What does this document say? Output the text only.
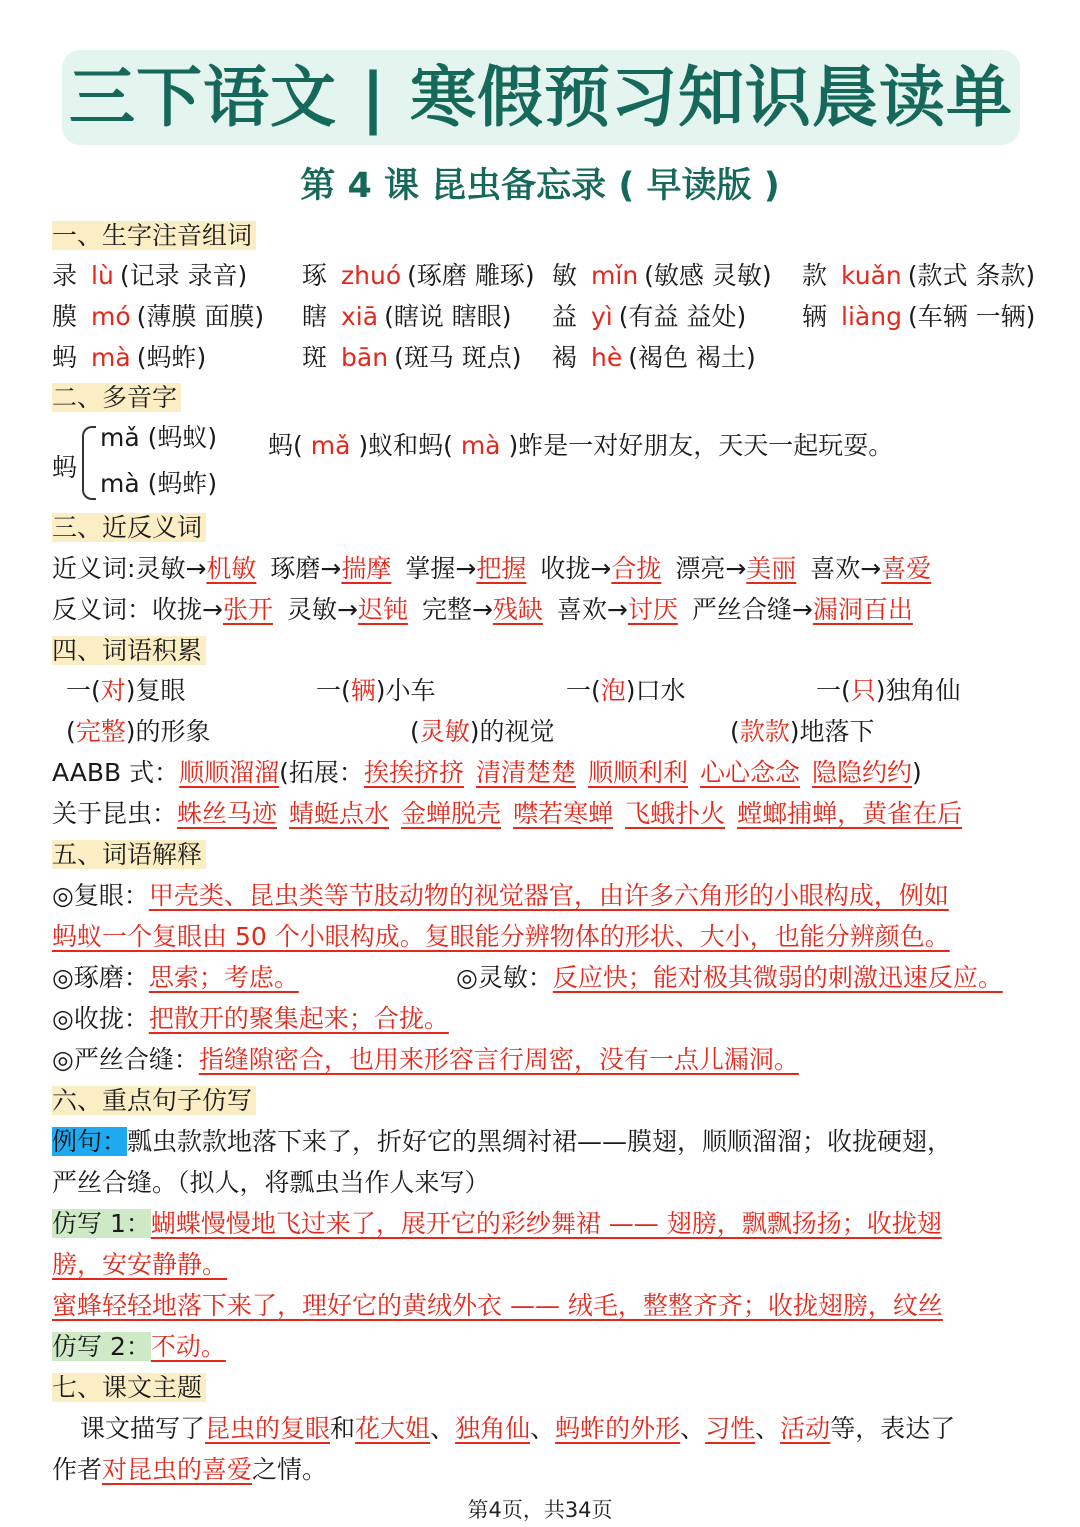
三下语文 | 寒假预习知识晨读单
第 4 课 昆虫备忘录 ( 早读版 )
一、生字注音组词
录 lù (记录 录音) 琢 zhuó (琢磨 雕琢) 敏 mǐn (敏感 灵敏) 款 kuǎn (款式 条款)
膜 mó (薄膜 面膜) 瞎 xiā (瞎说 瞎眼) 益 yì (有益 益处) 辆 liàng (车辆 一辆)
蚂 mà (蚂蚱)	斑 bān (斑马 斑点) 褐 hè (褐色 褐土)
二、多音字
蚂
mǎ (蚂蚁)
mà (蚂蚱)
蚂( mǎ )蚁和蚂( mà )蚱是一对好朋友，天天一起玩耍。
三、近反义词
近义词:灵敏→机敏 琢磨→揣摩 掌握→把握 收拢→合拢 漂亮→美丽 喜欢→喜爱
反义词：收拢→张开 灵敏→迟钝 完整→残缺 喜欢→讨厌 严丝合缝→漏洞百出
四、词语积累
一(对)复眼	一(辆)小车	一(泡)口水	一(只)独角仙
(完整)的形象	(灵敏)的视觉	(款款)地落下
AABB 式：顺顺溜溜(拓展：挨挨挤挤 清清楚楚 顺顺利利 心心念念 隐隐约约)
关于昆虫：蛛丝马迹 蜻蜓点水 金蝉脱壳 噤若寒蝉 飞蛾扑火 螳螂捕蝉，黄雀在后
五、词语解释
◎复眼：甲壳类、昆虫类等节肢动物的视觉器官，由许多六角形的小眼构成，例如
蚂蚁一个复眼由 50 个小眼构成。复眼能分辨物体的形状、大小，也能分辨颜色。
◎琢磨：思索；考虑。	◎灵敏：反应快；能对极其微弱的刺激迅速反应。
◎收拢：把散开的聚集起来；合拢。
◎严丝合缝：指缝隙密合，也用来形容言行周密，没有一点儿漏洞。
六、重点句子仿写
例句：瓢虫款款地落下来了，折好它的黑绸衬裙——膜翅，顺顺溜溜；收拢硬翅，
严丝合缝。（拟人，将瓢虫当作人来写）
仿写 1：蝴蝶慢慢地飞过来了，展开它的彩纱舞裙 —— 翅膀，飘飘扬扬；收拢翅
膀，安安静静。
蜜蜂轻轻地落下来了，理好它的黄绒外衣 —— 绒毛，整整齐齐；收拢翅膀，纹丝
仿写 2：不动。
七、课文主题
课文描写了昆虫的复眼和花大姐、独角仙、蚂蚱的外形、习性、活动等，表达了
作者对昆虫的喜爱之情。
第4页，共34页
